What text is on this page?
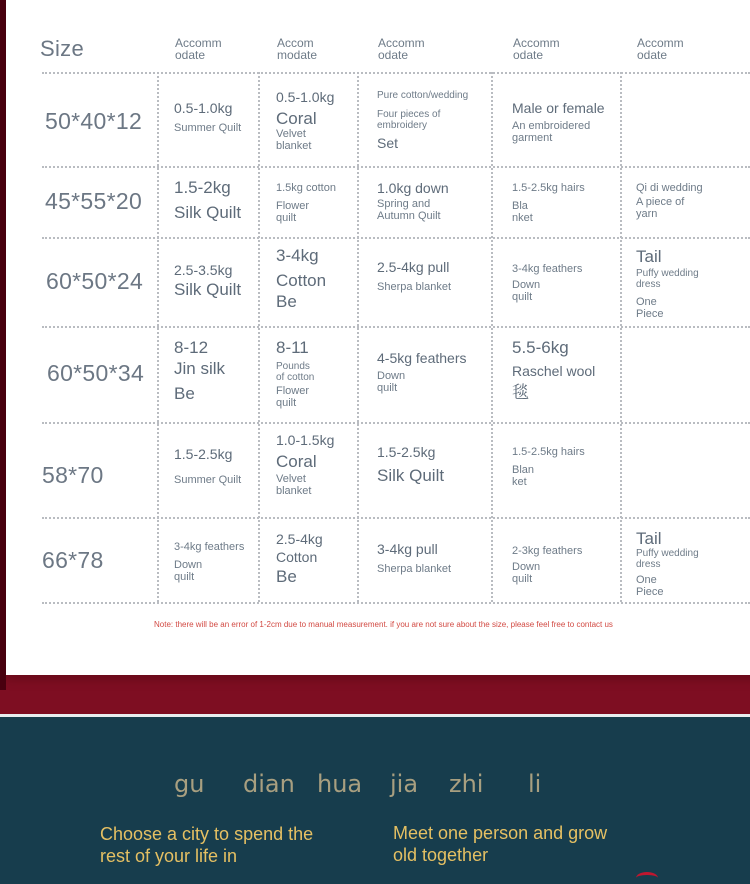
Size	Accomm
odate
Accom
modate
Accomm
odate
Accomm
odate
Accomm
odate
50*40*12
45*55*20
60*50*24
60*50*34
58*70
66*78
0.5-1.0kg
Summer Quilt
0.5-1.0kg
Coral
Velvet
blanket
Pure cotton/wedding
Four pieces of
embroidery
Set
Male or female
An embroidered
garment
1.5-2kg
Silk Quilt
1.5kg cotton
Flower
quilt
1.0kg down
Spring and
Autumn Quilt
1.5-2.5kg hairs
Bla
nket
Qi di wedding
A piece of
yarn
2.5-3.5kg
Silk Quilt
3-4kg
Cotton
Be
2.5-4kg pull
Sherpa blanket
3-4kg feathers
Down
quilt
Tail
Puffy wedding
dress
One
Piece
8-12
Jin silk
Be
8-11
Pounds
of cotton
Flower
quilt
4-5kg feathers
Down
quilt
5.5-6kg
Raschel wool
毯
1.5-2.5kg
Summer Quilt
1.0-1.5kg
Coral
Velvet
blanket
1.5-2.5kg
Silk Quilt
1.5-2.5kg hairs
Blan
ket
3-4kg feathers
Down
quilt
2.5-4kg
Cotton
Be
3-4kg pull
Sherpa blanket
2-3kg feathers
Down
quilt
Tail
Puffy wedding
dress
One
Piece
Note: there will be an error of 1-2cm due to manual measurement. if you are not sure about the size, please feel free to contact us
gu dian hua jia zhi li
Choose a city to spend the
rest of your life in
Meet one person and grow
old together
